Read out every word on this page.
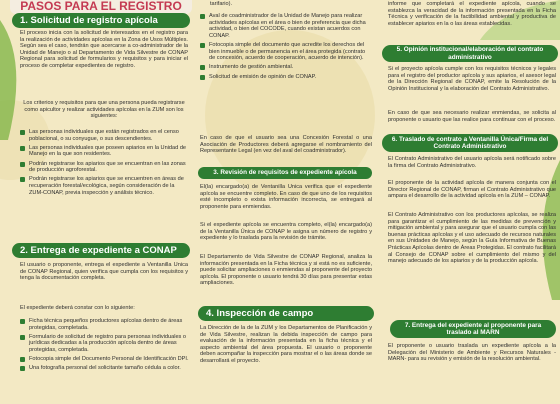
PASOS PARA EL REGISTRO
1. Solicitud de registro apícola
El proceso inicia con la solicitud de interesados en el registro para la realización de actividades apícolas en la Zona de Usos Múltiples. Según sea el caso, tendrán que acercarse a co-administrador de la Unidad de Manejo o al Departamento de Vida Silvestre de CONAP Regional para solicitud de formularios y requisitos y para iniciar el proceso de completar expedientes de registro.
Los criterios y requisitos para que una persona pueda registrarse como apicultor y realizar actividades apícolas en la ZUM son los siguientes:
Las personas individuales que están registrados en el censo poblacional, o su conyugue, o sus descendientes.
Las personas individuales que poseen apiarios en la Unidad de Manejo en la que son residentes.
Podrán registrarse los apiarios que se encuentran en las zonas de producción agroforestal.
Podrán registrarse los apiarios que se encuentren en áreas de recuperación forestal/ecológica, según consideración de la ZUM-CONAP, previa inspección y análisis técnico.
2. Entrega de expediente a CONAP
El usuario o proponente, entrega el expediente a Ventanilla Única de CONAP Regional, quien verifica que cumpla con los requisitos y tenga la documentación completa.
El expediente deberá constar con lo siguiente:
Ficha técnica pequeños productores apícolas dentro de áreas protegidas, completada.
Formulario de solicitud de registro para personas individuales o jurídicas dedicadas a la producción apícola dentro de áreas protegidas, completada.
Fotocopia simple del Documento Personal de Identificación DPI.
Una fotografía personal del solicitante tamaño cédula a color.
tarifario).
Aval de coadministrador de la Unidad de Manejo para realizar actividades apícolas en el área o bien de preferencia que dicha actividad, o bien del COCODE, cuando existan acuerdos con CONAP.
Fotocopia simple del documento que acredite los derechos del bien inmueble o de permanencia en el área protegida (contrato de concesión, acuerdo de cooperación, acuerdo de intención).
Instrumento de gestión ambiental.
Solicitud de emisión de opinión de CONAP.
En caso de que el usuario sea una Concesión Forestal o una Asociación de Productores deberá agregarse el nombramiento del Representante Legal (en vez del aval del coadministrador).
3. Revisión de requisitos de expediente apícola
El(la) encargado(a) de Ventanilla Única verifica que el expediente apícola se encuentre completo. En caso de que uno de los requisitos esté incompleto o exista información incorrecta, se entregará al proponente para enmiendas.
Si el expediente apícola se encuentra completo, el(la) encargado(a) de la Ventanilla Única de CONAP le asigna un número de registro y expediente y lo traslada para la revisión de trámite.
El Departamento de Vida Silvestre de CONAP Regional, analiza la información presentada en la Ficha técnica y si está no es suficiente, puede solicitar ampliaciones o enmiendas al proponente del proyecto apícola. El proponente o usuario tendrá 30 días para presentar estas ampliaciones.
4. Inspección de campo
La Dirección de la de la ZUM y los Departamentos de Planificación y de Vida Silvestre, realizan la debida inspección de campo para evaluación de la información presentada en la ficha técnica y el aspecto ambiental del área propuesta. El usuario o proponente deben acompañar la inspección para mostrar el o las áreas donde se desarrollará el proyecto.
informe que completará el expediente apícola, cuando se establezca la veracidad de la información presentada en la Ficha Técnica y verificación de la factibilidad ambiental y productiva de establecer apiarios en la o las áreas establecidas.
5. Opinión institucional/elaboración del contrato administrativo
Si el proyecto apícola cumple con los requisitos técnicos y legales para el registro del productor apícola y sus apiarios, el asesor legal de la Dirección Regional de CONAP, emite la Resolución de la Opinión Institucional y la elaboración del Contrato Administrativo.
En caso de que sea necesario realizar enmiendas, se solicita al proponente o usuario que las realice para continuar con el proceso.
6. Traslado de contrato a Ventanilla Única/Firma del Contrato Administrativo
El Contrato Administrativo del usuario apícola será notificado sobre la firma del Contrato Administrativo.
El proponente de la actividad apícola de manera conjunta con el Director Regional de CONAP, firman el Contrato Administrativo que ampara el desarrollo de la actividad apícola en la ZUM – CONAP.
El Contrato Administrativo con los productores apícolas, se realiza para garantizar el cumplimiento de las medidas de prevención y mitigación ambiental y para asegurar que el usuario cumpla con las buenas prácticas apícolas y el uso adecuado de recursos naturales en sus Unidades de Manejo, según la Guía Informativa de Buenas Prácticas Apícolas dentro de Áreas Protegidas. El contrato facilitará al Consejo de CONAP sobre el cumplimiento del mismo y del manejo adecuado de los apiarios y de la producción apícola.
7. Entrega del expediente al proponente para traslado al MARN
El proponente o usuario traslada un expediente apícola a la Delegación del Ministerio de Ambiente y Recursos Naturales -MARN- para su revisión y emisión de la resolución ambiental.
